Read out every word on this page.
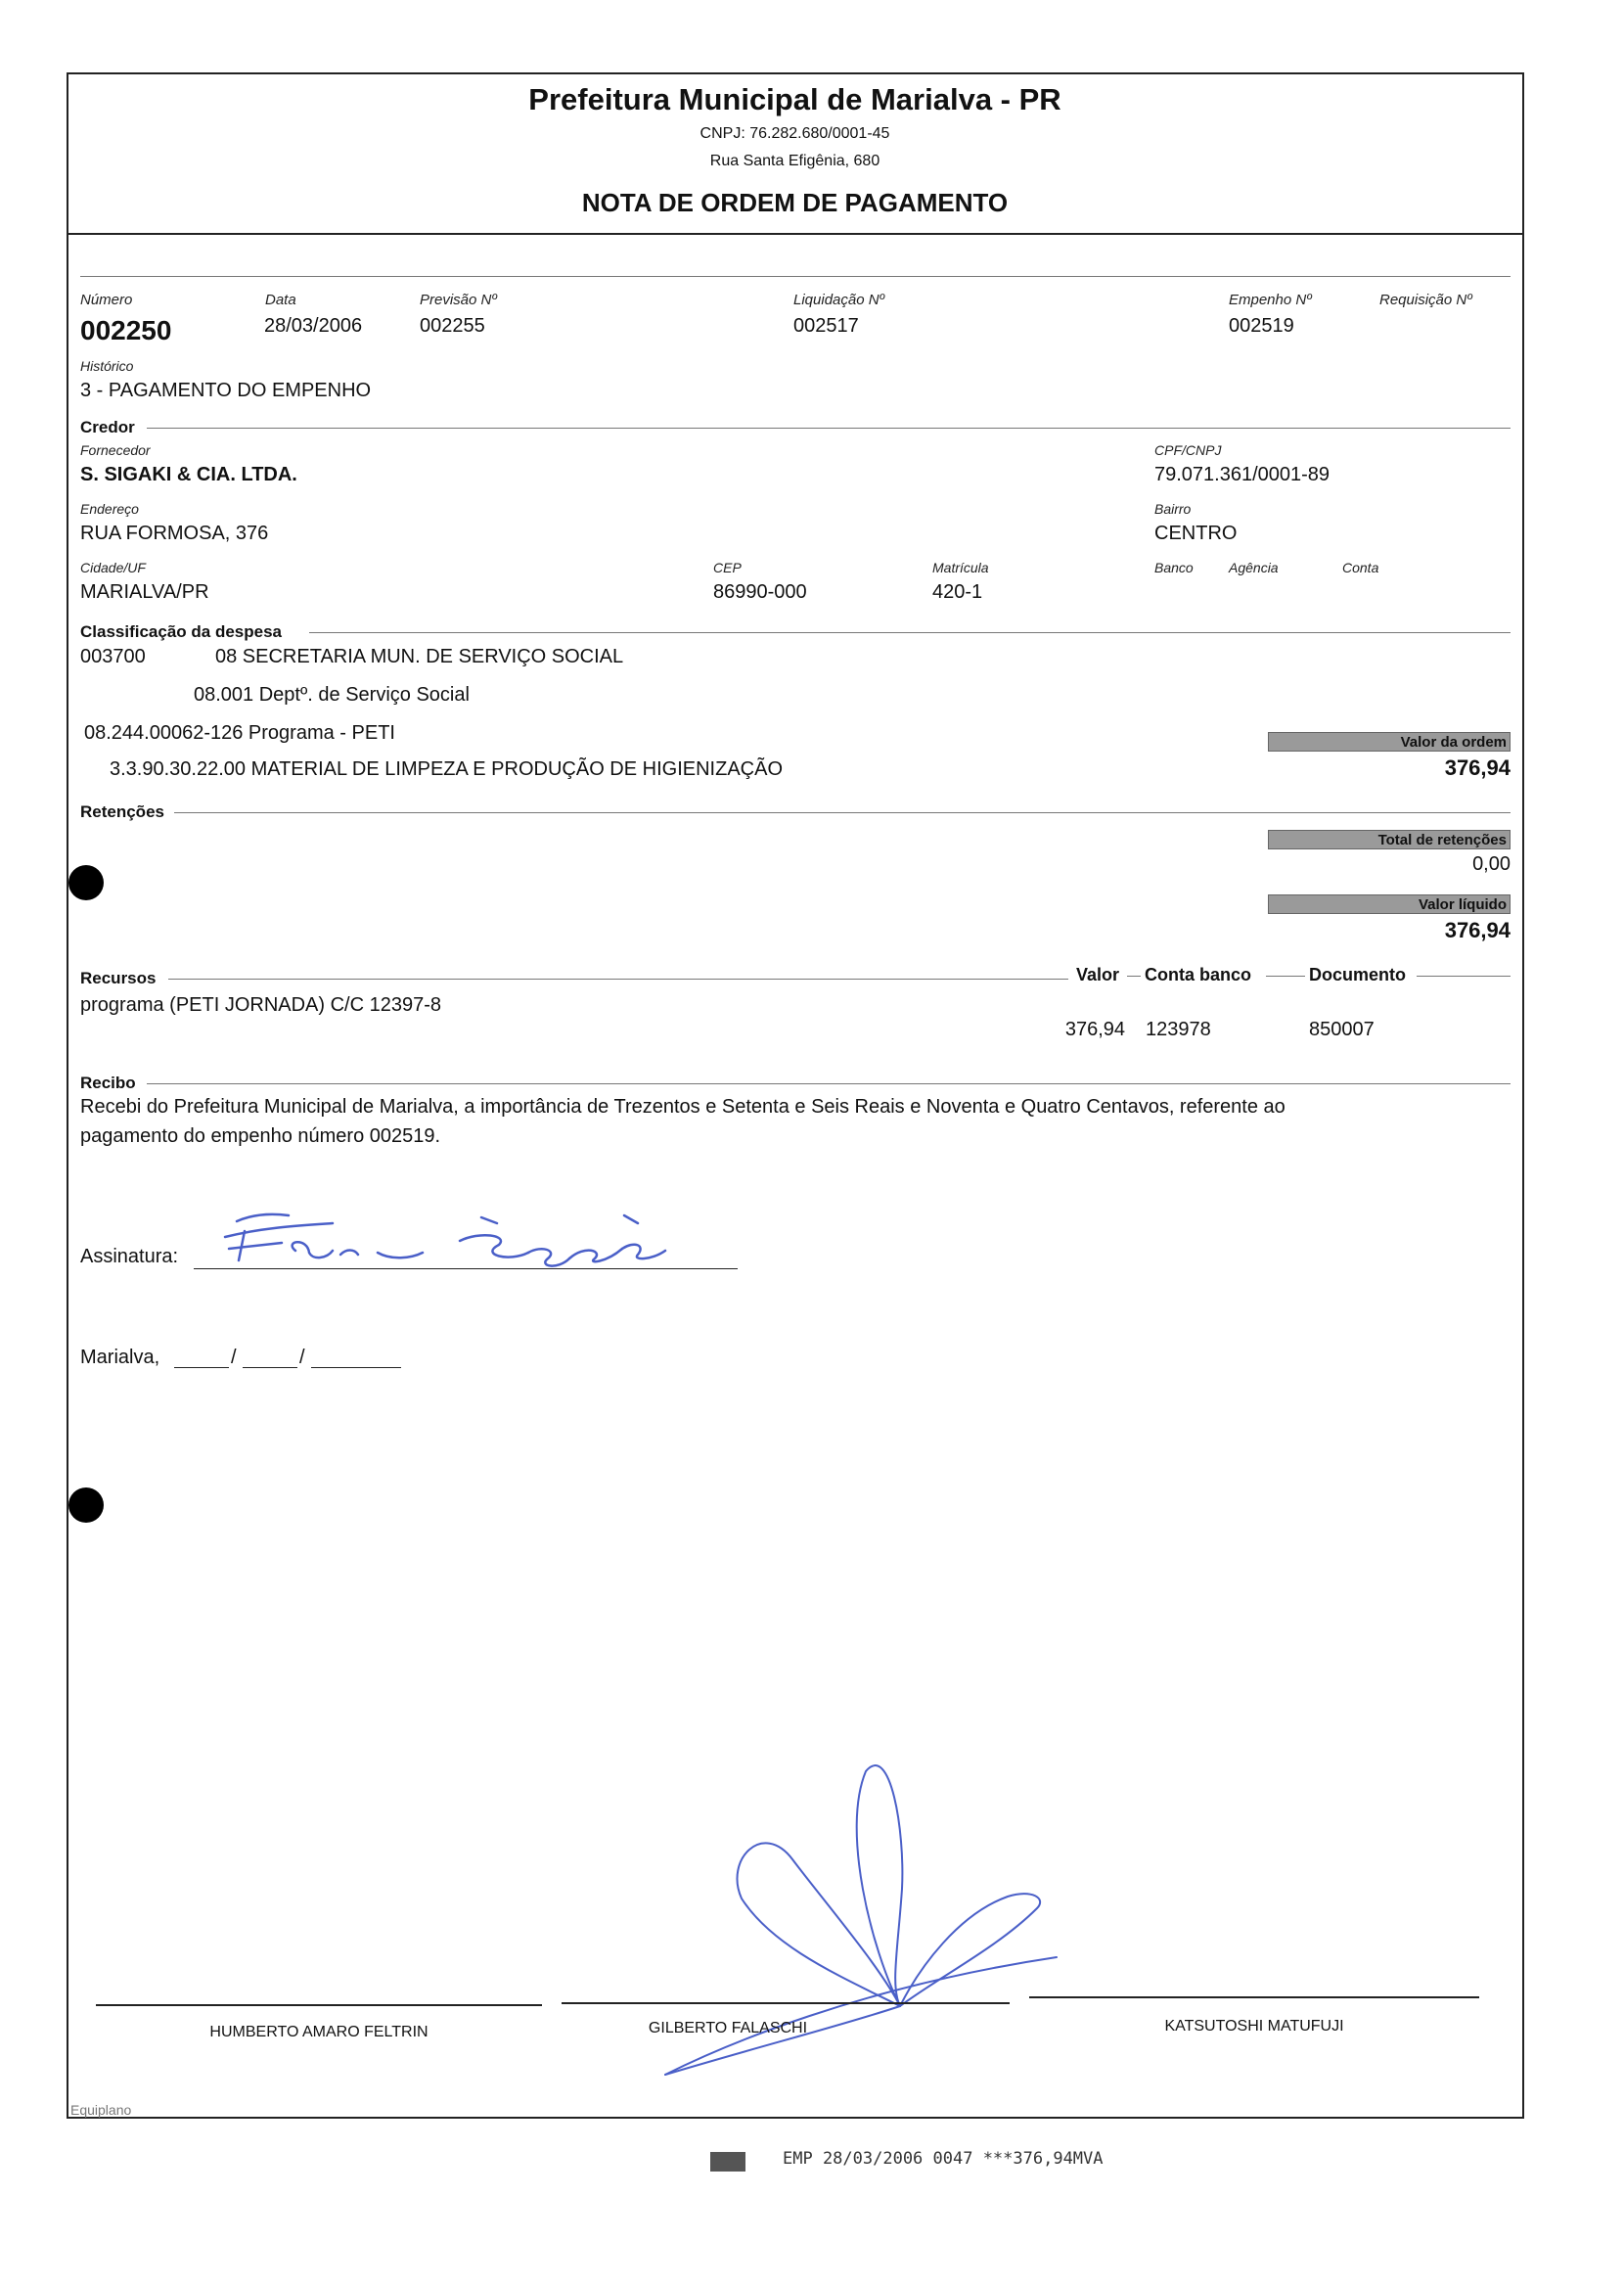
Prefeitura Municipal de Marialva - PR
CNPJ: 76.282.680/0001-45
Rua Santa Efigênia, 680
NOTA DE ORDEM DE PAGAMENTO
Número
002250
Data
28/03/2006
Previsão Nº
002255
Liquidação Nº
002517
Empenho Nº
002519
Requisição Nº
Histórico
3 - PAGAMENTO DO EMPENHO
Credor
Fornecedor
S. SIGAKI & CIA. LTDA.
CPF/CNPJ
79.071.361/0001-89
Endereço
RUA FORMOSA, 376
Bairro
CENTRO
Cidade/UF
MARIALVA/PR
CEP
86990-000
Matrícula
420-1
Banco	Agência	Conta
Classificação da despesa
003700	08 SECRETARIA MUN. DE SERVIÇO SOCIAL
08.001 Deptº. de Serviço Social
08.244.00062-126 Programa - PETI
3.3.90.30.22.00 MATERIAL DE LIMPEZA E PRODUÇÃO DE HIGIENIZAÇÃO
Valor da ordem
376,94
Retenções
Total de retenções
0,00
Valor líquido
376,94
Recursos	Valor Conta banco	Documento
programa (PETI JORNADA) C/C 12397-8
376,94 123978	850007
Recibo
Recebi do Prefeitura Municipal de Marialva, a importância de Trezentos e Setenta e Seis Reais e Noventa e Quatro Centavos, referente ao
pagamento do empenho número 002519.
Assinatura:
Marialva,	/	/
HUMBERTO AMARO FELTRIN	GILBERTO FALASCHI	KATSUTOSHI MATUFUJI
Equiplano
EMP 28/03/2006 0047 ***376,94MVA
